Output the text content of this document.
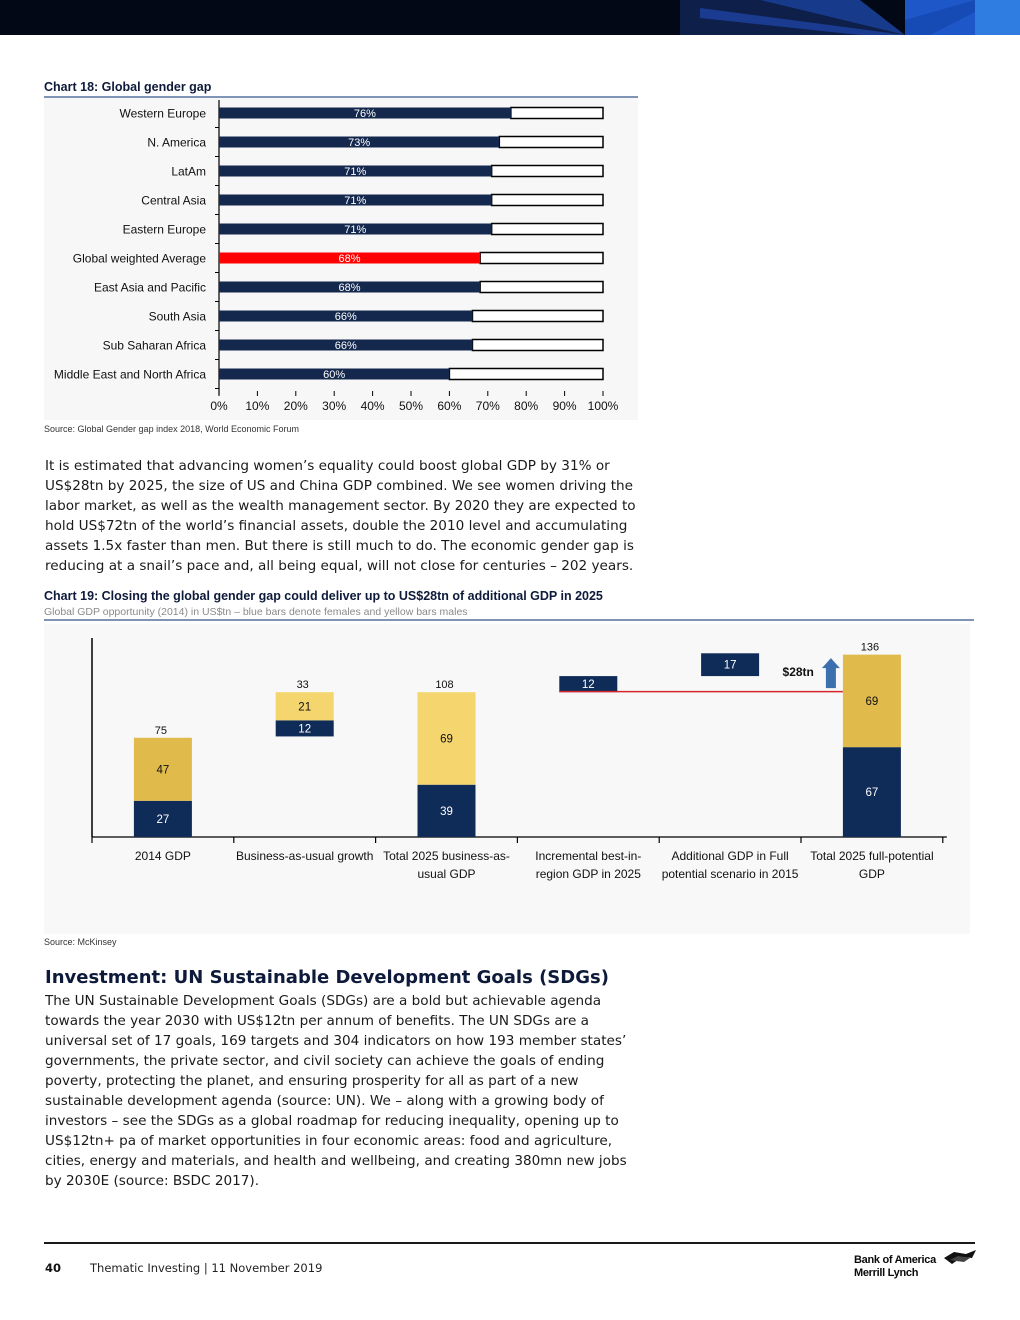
Chart 18: Global gender gap
76%
Western Europe
73%
N. America
71%
LatAm
71%
Central Asia
71%
Eastern Europe
68%
Global weighted Average
68%
East Asia and Pacific
66%
South Asia
66%
Sub Saharan Africa
60%
Middle East and North Africa
0% 10% 20% 30% 40% 50% 60% 70% 80% 90% 100%
Source: Global Gender gap index 2018, World Economic Forum
It is estimated that advancing women’s equality could boost global GDP by 31% or US$28tn by 2025, the size of US and China GDP combined. We see women driving the labor market, as well as the wealth management sector. By 2020 they are expected to hold US$72tn of the world’s financial assets, double the 2010 level and accumulating assets 1.5x faster than men. But there is still much to do. The economic gender gap is reducing at a snail’s pace and, all being equal, will not close for centuries – 202 years.
Chart 19: Closing the global gender gap could deliver up to US$28tn of additional GDP in 2025
Global GDP opportunity (2014) in US$tn – blue bars denote females and yellow bars males
27
47
75
2014 GDP
12
21
33
Business-as-usual growth
39
69
108
Total 2025 business-as-
usual GDP
12
Incremental best-in-
region GDP in 2025
17
Additional GDP in Full
potential scenario in 2015
67
69
136
Total 2025 full-potential
GDP
$28tn
Source: McKinsey
Investment: UN Sustainable Development Goals (SDGs)
The UN Sustainable Development Goals (SDGs) are a bold but achievable agenda towards the year 2030 with US$12tn per annum of benefits. The UN SDGs are a universal set of 17 goals, 169 targets and 304 indicators on how 193 member states’ governments, the private sector, and civil society can achieve the goals of ending poverty, protecting the planet, and ensuring prosperity for all as part of a new sustainable development agenda (source: UN). We – along with a growing body of investors – see the SDGs as a global roadmap for reducing inequality, opening up to US$12tn+ pa of market opportunities in four economic areas: food and agriculture, cities, energy and materials, and health and wellbeing, and creating 380mn new jobs by 2030E (source: BSDC 2017).
40	Thematic Investing | 11 November 2019
Bank of America
Merrill Lynch
